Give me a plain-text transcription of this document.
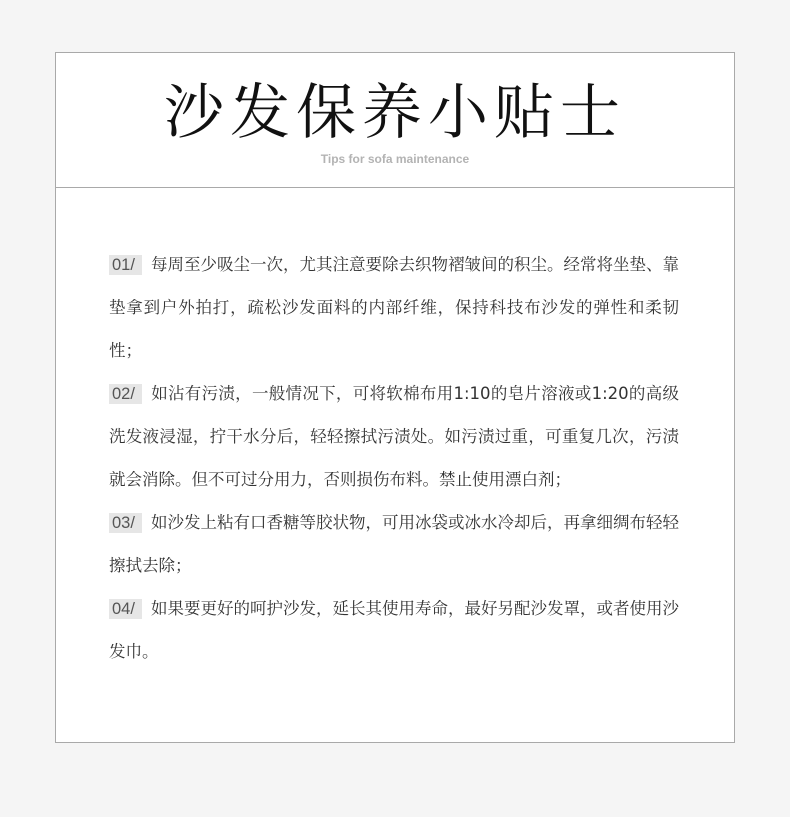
沙发保养小贴士
Tips for sofa maintenance
01/ 每周至少吸尘一次，尤其注意要除去织物褶皱间的积尘。经常将坐垫、靠垫拿到户外拍打，疏松沙发面料的内部纤维，保持科技布沙发的弹性和柔韧性；
02/ 如沾有污渍，一般情况下，可将软棉布用1:10的皂片溶液或1:20的高级洗发液浸湿，拧干水分后，轻轻擦拭污渍处。如污渍过重，可重复几次，污渍就会消除。但不可过分用力，否则损伤布料。禁止使用漂白剂；
03/ 如沙发上粘有口香糖等胶状物，可用冰袋或冰水冷却后，再拿细绸布轻轻擦拭去除；
04/ 如果要更好的呵护沙发，延长其使用寿命，最好另配沙发罩，或者使用沙发巾。
